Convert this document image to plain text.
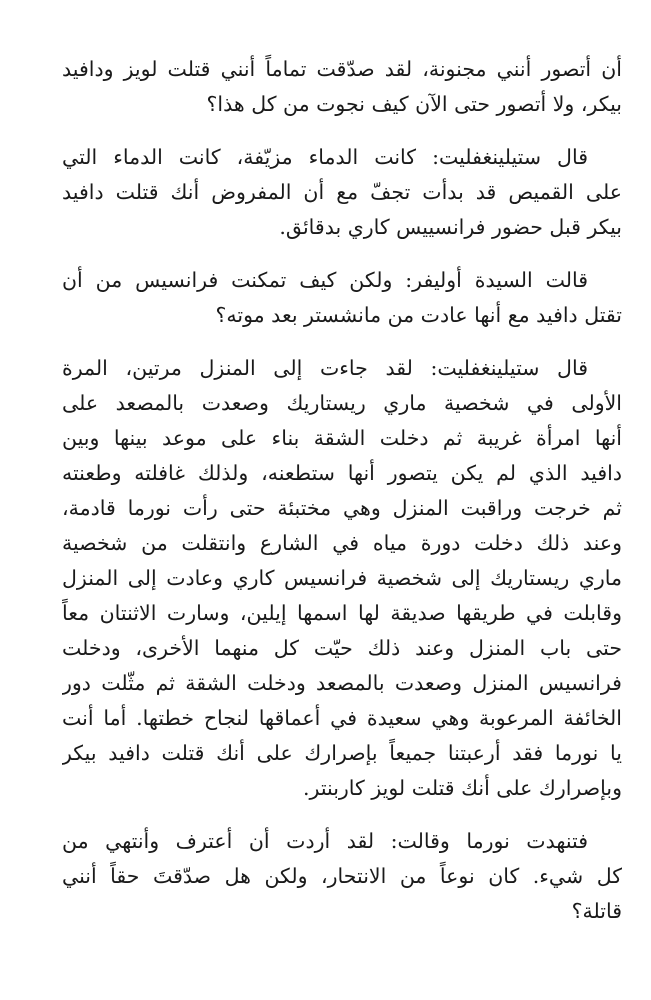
أن أتصور أنني مجنونة، لقد صدّقت تماماً أنني قتلت لويز ودافيد
بيكر، ولا أتصور حتى الآن كيف نجوت من كل هذا؟

قال ستيلينغفليت: كانت الدماء مزيّفة، كانت الدماء التي
على القميص قد بدأت تجفّ مع أن المفروض أنك قتلت دافيد
بيكر قبل حضور فرانسييس كاري بدقائق.

قالت السيدة أوليفر: ولكن كيف تمكنت فرانسيس من أن
تقتل دافيد مع أنها عادت من مانشستر بعد موته؟

قال ستيلينغفليت: لقد جاءت إلى المنزل مرتين، المرة
الأولى في شخصية ماري ريستاريك وصعدت بالمصعد على
أنها امرأة غريبة ثم دخلت الشقة بناء على موعد بينها وبين
دافيد الذي لم يكن يتصور أنها ستطعنه، ولذلك غافلته وطعنته
ثم خرجت وراقبت المنزل وهي مختبئة حتى رأت نورما قادمة،
وعند ذلك دخلت دورة مياه في الشارع وانتقلت من شخصية
ماري ريستاريك إلى شخصية فرانسيس كاري وعادت إلى المنزل
وقابلت في طريقها صديقة لها اسمها إيلين، وسارت الاثنتان معاً
حتى باب المنزل وعند ذلك حيّت كل منهما الأخرى، ودخلت
فرانسيس المنزل وصعدت بالمصعد ودخلت الشقة ثم مثّلت دور
الخائفة المرعوبة وهي سعيدة في أعماقها لنجاح خطتها. أما أنت
يا نورما فقد أرعبتنا جميعاً بإصرارك على أنك قتلت دافيد بيكر
وبإصرارك على أنك قتلت لويز كاربنتر.

فتنهدت نورما وقالت: لقد أردت أن أعترف وأنتهي من
كل شيء. كان نوعاً من الانتحار، ولكن هل صدّقتَ حقاً أنني
قاتلة؟
